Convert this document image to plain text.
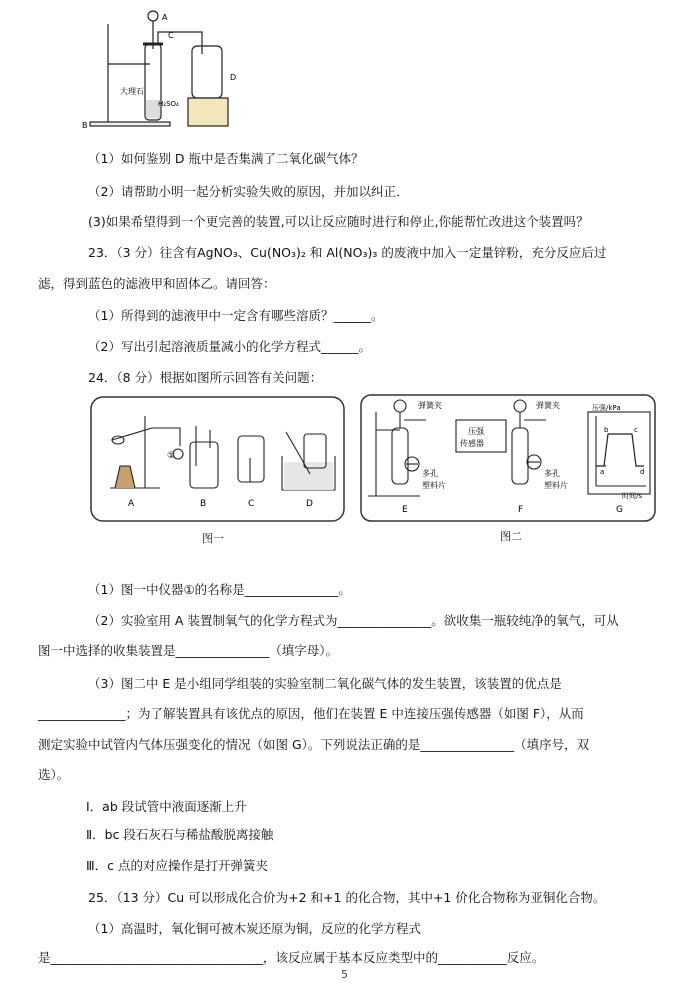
A
C
D
B
大理石
H₂SO₄
（1）如何鉴别 D 瓶中是否集满了二氧化碳气体？
（2）请帮助小明一起分析实验失败的原因，并加以纠正．
(3)如果希望得到一个更完善的装置,可以让反应随时进行和停止,你能帮忙改进这个装置吗？
23．（3 分）往含有AgNO₃、Cu(NO₃)₂ 和 Al(NO₃)₃ 的废液中加入一定量锌粉，充分反应后过
滤，得到蓝色的滤液甲和固体乙。请回答：
（1）所得到的滤液甲中一定含有哪些溶质？______。
（2）写出引起溶液质量减小的化学方程式______。
24．（8 分）根据如图所示回答有关问题：
①
A	B	C	D
图一
弹簧夹	弹簧夹
压强
传感器
多孔
塑料片
多孔
塑料片
压强/kPa
时间/s
a
b	c
d
E	F	G
图二
（1）图一中仪器①的名称是_______________。
（2）实验室用 A 装置制氧气的化学方程式为_______________。欲收集一瓶较纯净的氧气，可从
图一中选择的收集装置是_______________（填字母）。
（3）图二中 E 是小组同学组装的实验室制二氧化碳气体的发生装置，该装置的优点是
______________；为了解装置具有该优点的原因，他们在装置 E 中连接压强传感器（如图 F），从而
测定实验中试管内气体压强变化的情况（如图 G）。下列说法正确的是_______________（填序号，双
选）。
Ⅰ．ab 段试管中液面逐渐上升
Ⅱ．bc 段石灰石与稀盐酸脱离接触
Ⅲ．c 点的对应操作是打开弹簧夹
25．（13 分）Cu 可以形成化合价为+2 和+1 的化合物，其中+1 价化合物称为亚铜化合物。
（1）高温时，氧化铜可被木炭还原为铜，反应的化学方程式
是__________________________________，该反应属于基本反应类型中的___________反应。
5
